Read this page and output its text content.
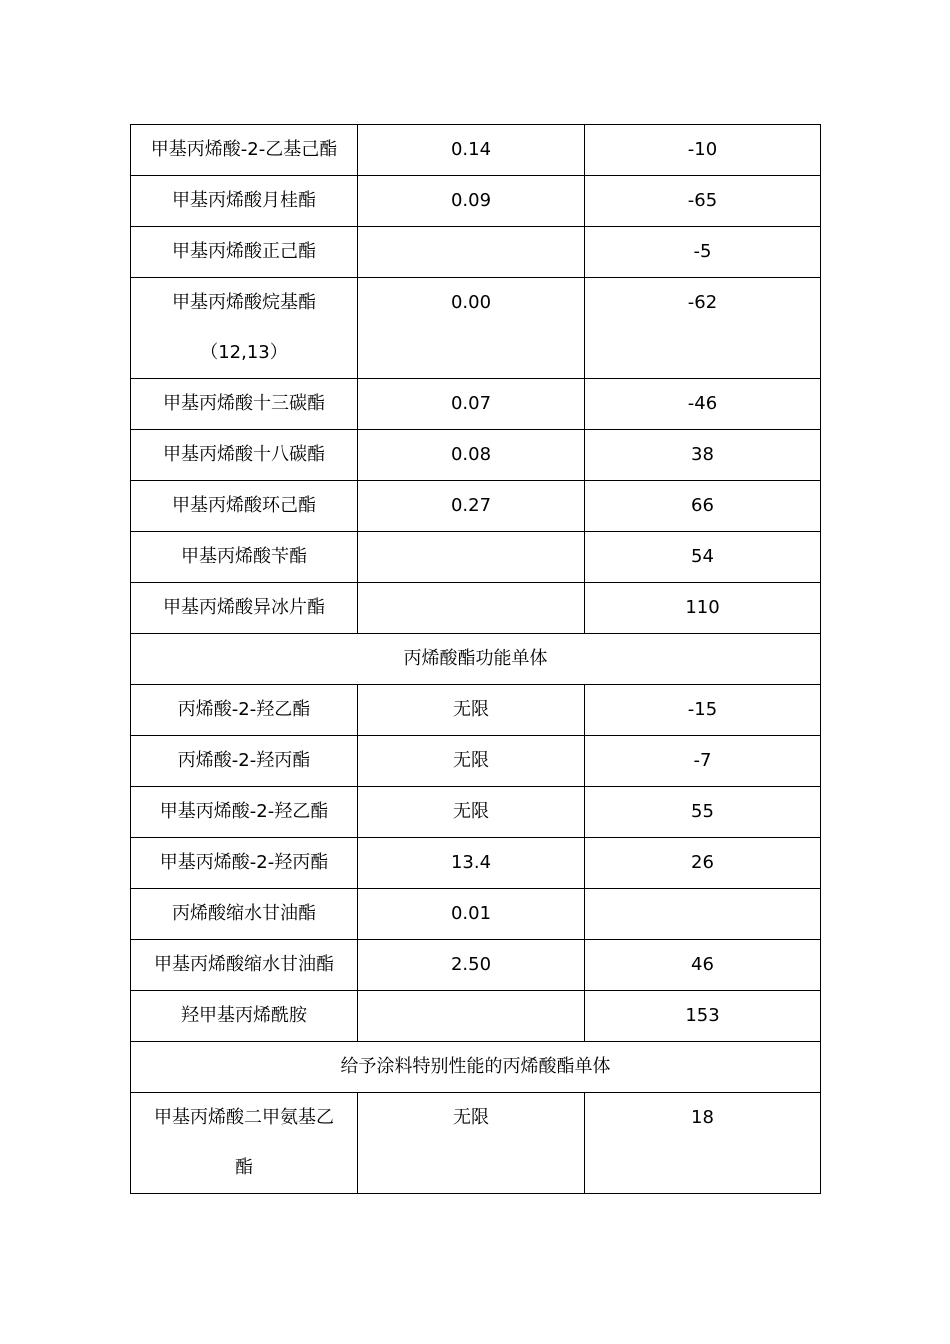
甲基丙烯酸-2-乙基己酯	0.14	-10
甲基丙烯酸月桂酯	0.09	-65
甲基丙烯酸正己酯		-5

甲基丙烯酸烷基酯
（12,13）	0.00	-62

甲基丙烯酸十三碳酯	0.07	-46
甲基丙烯酸十八碳酯	0.08	38
甲基丙烯酸环己酯	0.27	66
甲基丙烯酸苄酯		54
甲基丙烯酸异冰片酯		110
丙烯酸酯功能单体		
丙烯酸-2-羟乙酯	无限	-15
丙烯酸-2-羟丙酯	无限	-7
甲基丙烯酸-2-羟乙酯	无限	55
甲基丙烯酸-2-羟丙酯	13.4	26
丙烯酸缩水甘油酯	0.01	
甲基丙烯酸缩水甘油酯	2.50	46
羟甲基丙烯酰胺		153
给予涂料特别性能的丙烯酸酯单体		

甲基丙烯酸二甲氨基乙
酯	无限	18
